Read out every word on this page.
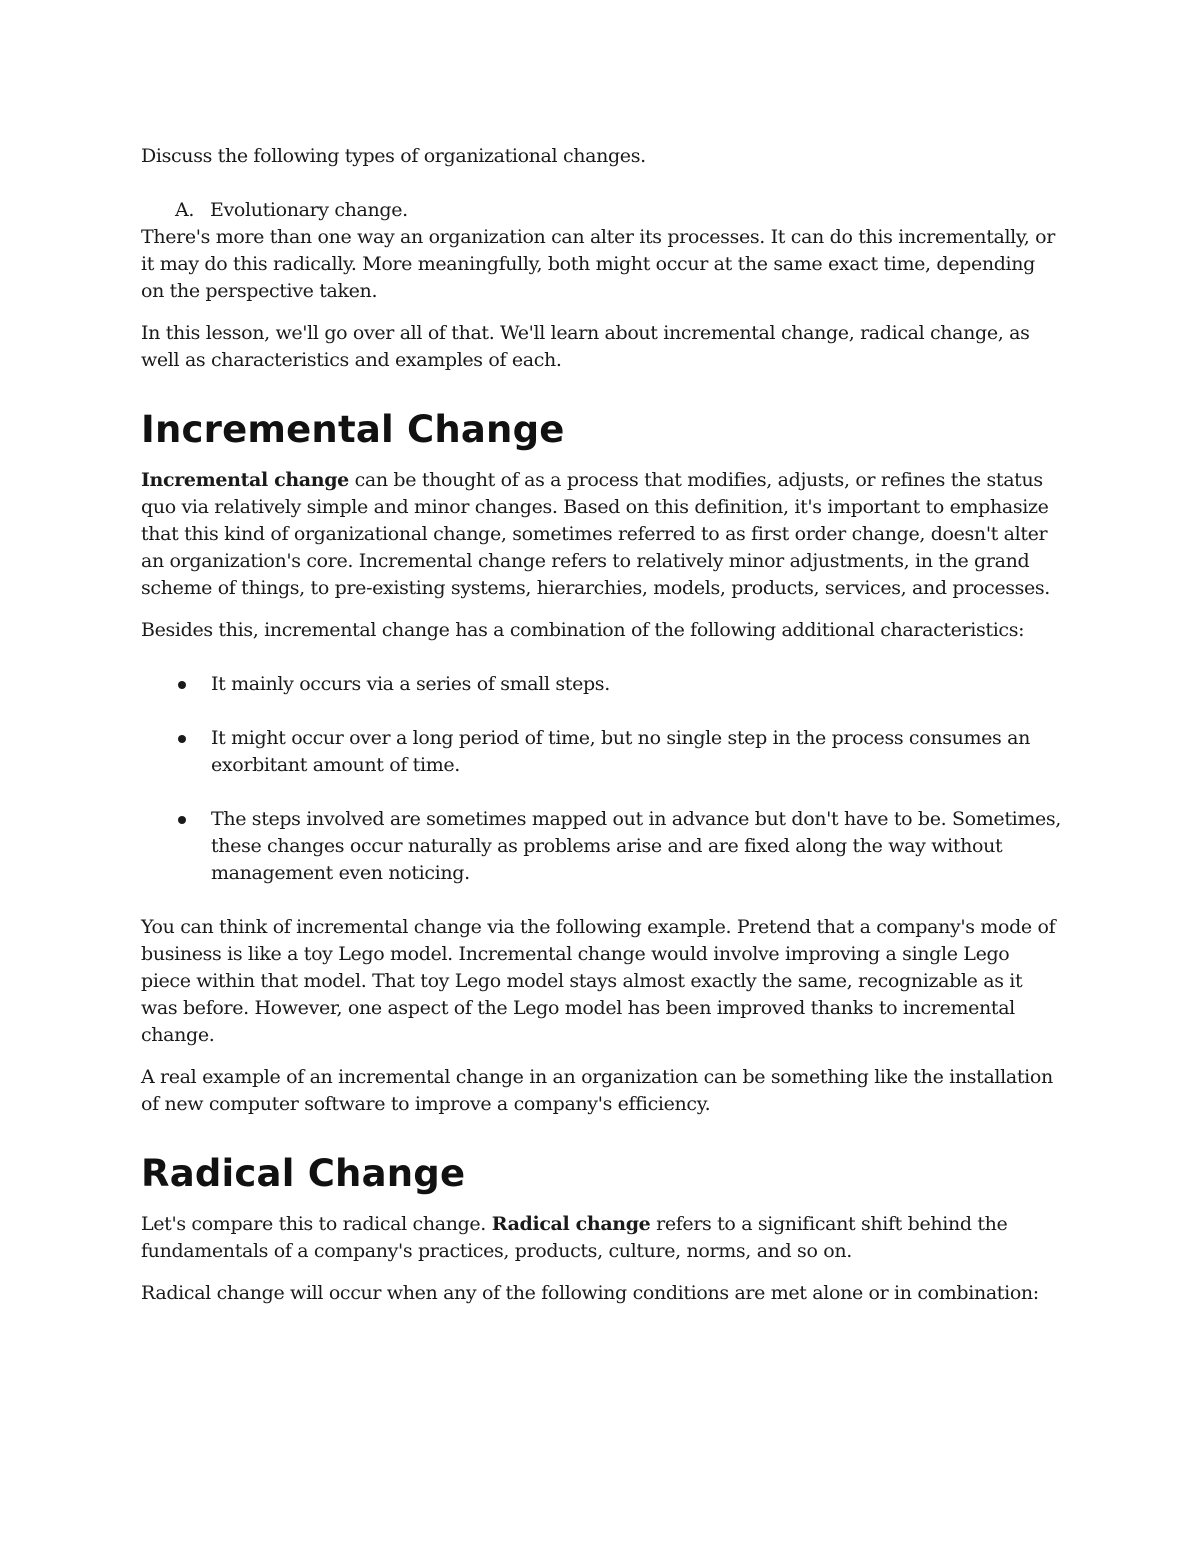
Discuss the following types of organizational changes.

A. Evolutionary change.

There's more than one way an organization can alter its processes. It can do this incrementally, or it may do this radically. More meaningfully, both might occur at the same exact time, depending on the perspective taken.

In this lesson, we'll go over all of that. We'll learn about incremental change, radical change, as well as characteristics and examples of each.

Incremental Change

Incremental change can be thought of as a process that modifies, adjusts, or refines the status quo via relatively simple and minor changes. Based on this definition, it's important to emphasize that this kind of organizational change, sometimes referred to as first order change, doesn't alter an organization's core. Incremental change refers to relatively minor adjustments, in the grand scheme of things, to pre-existing systems, hierarchies, models, products, services, and processes.

Besides this, incremental change has a combination of the following additional characteristics:

It mainly occurs via a series of small steps.
It might occur over a long period of time, but no single step in the process consumes an exorbitant amount of time.
The steps involved are sometimes mapped out in advance but don't have to be. Sometimes, these changes occur naturally as problems arise and are fixed along the way without management even noticing.

You can think of incremental change via the following example. Pretend that a company's mode of business is like a toy Lego model. Incremental change would involve improving a single Lego piece within that model. That toy Lego model stays almost exactly the same, recognizable as it was before. However, one aspect of the Lego model has been improved thanks to incremental change.

A real example of an incremental change in an organization can be something like the installation of new computer software to improve a company's efficiency.

Radical Change

Let's compare this to radical change. Radical change refers to a significant shift behind the fundamentals of a company's practices, products, culture, norms, and so on.

Radical change will occur when any of the following conditions are met alone or in combination:
